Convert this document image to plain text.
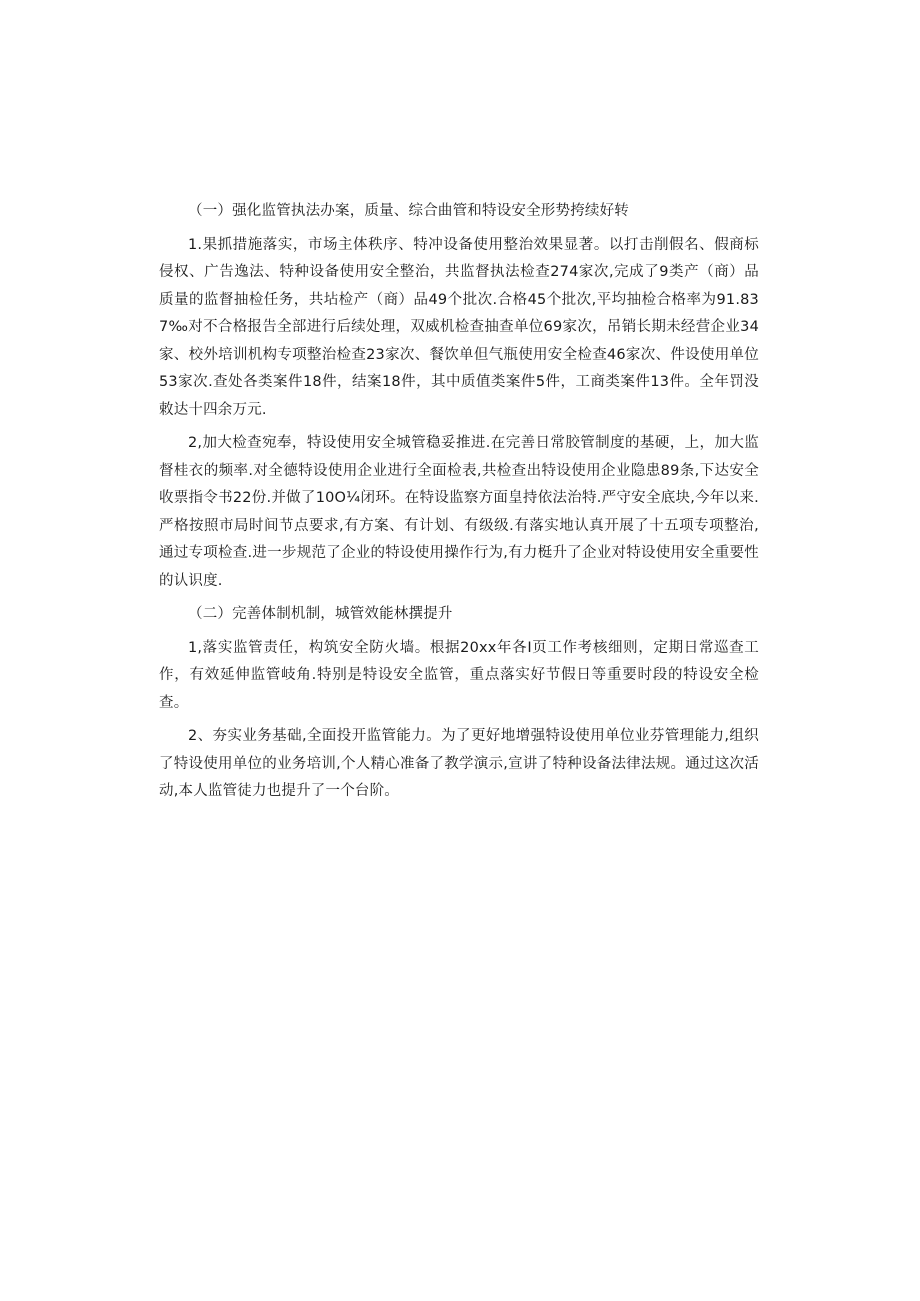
（一）强化监管执法办案，质量、综合曲管和特设安全形势挎续好转

1.果抓措施落实，市场主体秩序、特冲设备使用整治效果显著。以打击削假名、假商标侵权、广告逸法、特种设备使用安全整治，共监督执法检查274家次,完成了9类产（商）品质量的监督抽检任务，共坫检产（商）品49个批次.合格45个批次,平均抽检合格率为91.837‰对不合格报告全部进行后续处理，双威机检查抽查单位69家次，吊销长期未经营企业34家、校外培训机构专项整治检查23家次、餐饮单但气瓶使用安全检查46家次、件设使用单位53家次.查处各类案件18件，结案18件，其中质值类案件5件，工商类案件13件。全年罚没敕达十四余万元.

2,加大检查宛奉，特设使用安全城管稳妥推进.在完善日常胶管制度的基硬，上，加大监督桂衣的频率.对全德特设使用企业进行全面检表,共检查出特设使用企业隐患89条,下达安全收票指令书22份.并做了10O¼闭环。在特设监察方面皇持依法治特.严守安全底块,今年以来.严格按照市局时间节点要求,有方案、有计划、有级级.有落实地认真开展了十五项专项整治,通过专项检查.进一步规范了企业的特设使用操作行为,有力梃升了企业对特设使用安全重要性的认识度.

（二）完善体制机制，城管效能林撰提升

1,落实监管责任，构筑安全防火墙。根据20xx年各I页工作考核细则，定期日常巡查工作，有效延伸监管岐角.特别是特设安全监管，重点落实好节假日等重要时段的特设安全检查。

2、夯实业务基础,全面投开监管能力。为了更好地增强特设使用单位业芬管理能力,组织了特设使用单位的业务培训,个人精心准备了教学演示,宣讲了特种设备法律法规。通过这次活动,本人监管徒力也提升了一个台阶。
